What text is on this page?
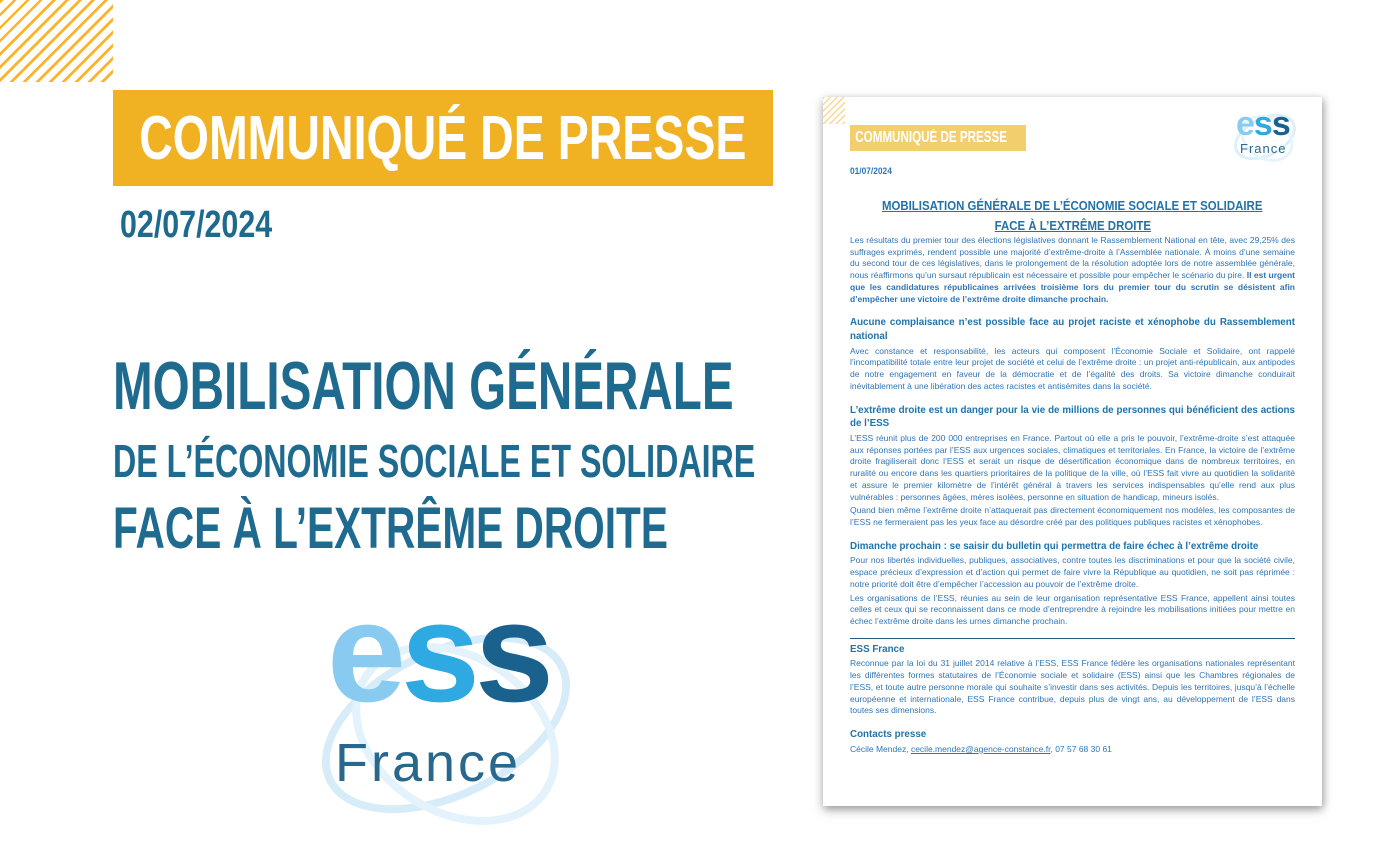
COMMUNIQUÉ DE PRESSE
02/07/2024
MOBILISATION GÉNÉRALE
DE L’ÉCONOMIE SOCIALE ET SOLIDAIRE
FACE À L’EXTRÊME DROITE
ess
France
ess
France
COMMUNIQUÉ DE PRESSE
01/07/2024
MOBILISATION GÉNÉRALE DE L’ÉCONOMIE SOCIALE ET SOLIDAIRE
FACE À L’EXTRÊME DROITE

Les résultats du premier tour des élections législatives donnant le Rassemblement National en tête, avec 29,25% des suffrages exprimés, rendent possible une majorité d’extrême-droite à l’Assemblée nationale. À moins d’une semaine du second tour de ces législatives, dans le prolongement de la résolution adoptée lors de notre assemblée générale, nous réaffirmons qu’un sursaut républicain est nécessaire et possible pour empêcher le scénario du pire. Il est urgent que les candidatures républicaines arrivées troisième lors du premier tour du scrutin se désistent afin d’empêcher une victoire de l’extrême droite dimanche prochain.

Aucune complaisance n’est possible face au projet raciste et xénophobe du Rassemblement national

Avec constance et responsabilité, les acteurs qui composent l’Économie Sociale et Solidaire, ont rappelé l’incompatibilité totale entre leur projet de société et celui de l’extrême droite : un projet anti-républicain, aux antipodes de notre engagement en faveur de la démocratie et de l’égalité des droits. Sa victoire dimanche conduirait inévitablement à une libération des actes racistes et antisémites dans la société.

L’extrême droite est un danger pour la vie de millions de personnes qui bénéficient des actions de l’ESS

L’ESS réunit plus de 200 000 entreprises en France. Partout où elle a pris le pouvoir, l’extrême-droite s’est attaquée aux réponses portées par l’ESS aux urgences sociales, climatiques et territoriales. En France, la victoire de l’extrême droite fragiliserait donc l’ESS et serait un risque de désertification économique dans de nombreux territoires, en ruralité ou encore dans les quartiers prioritaires de la politique de la ville, où l’ESS fait vivre au quotidien la solidarité et assure le premier kilomètre de l’intérêt général à travers les services indispensables qu’elle rend aux plus vulnérables : personnes âgées, mères isolées, personne en situation de handicap, mineurs isolés.

Quand bien même l’extrême droite n’attaquerait pas directement économiquement nos modèles, les composantes de l’ESS ne fermeraient pas les yeux face au désordre créé par des politiques publiques racistes et xénophobes.

Dimanche prochain : se saisir du bulletin qui permettra de faire échec à l’extrême droite

Pour nos libertés individuelles, publiques, associatives, contre toutes les discriminations et pour que la société civile, espace précieux d’expression et d’action qui permet de faire vivre la République au quotidien, ne soit pas réprimée : notre priorité doit être d’empêcher l’accession au pouvoir de l’extrême droite.

Les organisations de l’ESS, réunies au sein de leur organisation représentative ESS France, appellent ainsi toutes celles et ceux qui se reconnaissent dans ce mode d’entreprendre à rejoindre les mobilisations initiées pour mettre en échec l’extrême droite dans les urnes dimanche prochain.

ESS France

Reconnue par la loi du 31 juillet 2014 relative à l’ESS, ESS France fédère les organisations nationales représentant les différentes formes statutaires de l’Économie sociale et solidaire (ESS) ainsi que les Chambres régionales de l’ESS, et toute autre personne morale qui souhaite s’investir dans ses activités. Depuis les territoires, jusqu’à l’échelle européenne et internationale, ESS France contribue, depuis plus de vingt ans, au développement de l’ESS dans toutes ses dimensions.

Contacts presse

Cécile Mendez, cecile.mendez@agence-constance.fr, 07 57 68 30 61
